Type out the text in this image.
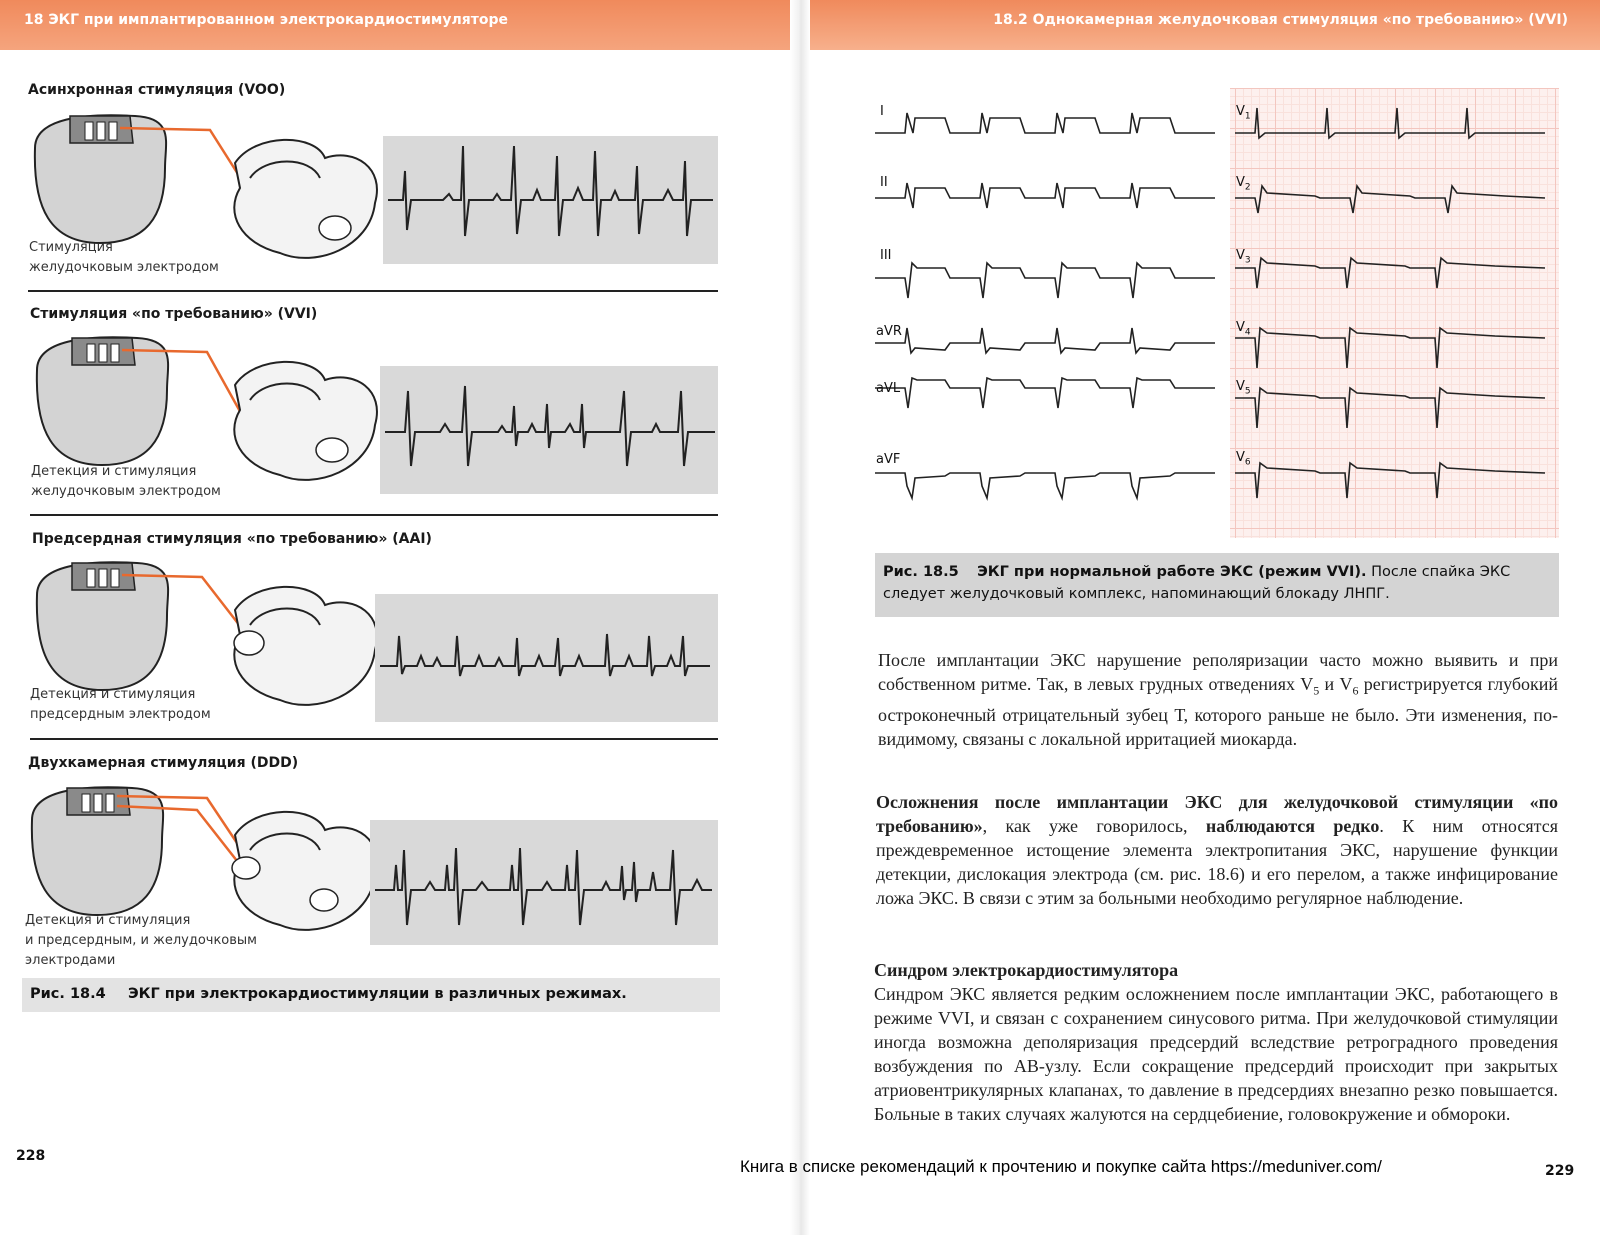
18 ЭКГ при имплантированном электрокардиостимуляторе	18.2 Однокамерная желудочковая стимуляция «по требованию» (VVI)
Асинхронная стимуляция (VOO)
Стимуляция
желудочковым электродом
Стимуляция «по требованию» (VVI)
Детекция и стимуляция
желудочковым электродом
Предсердная стимуляция «по требованию» (AAI)
Детекция и стимуляция
предсердным электродом
Двухкамерная стимуляция (DDD)
Детекция и стимуляция
и предсердным, и желудочковым
электродами
Рис. 18.4 ЭКГ при электрокардиостимуляции в различных режимах.
228
I
II
III
aVR
aVL
aVF
$V_1$
$V_2$
$V_3$
$V_4$
$V_5$
$V_6$
Рис. 18.5 ЭКГ при нормальной работе ЭКС (режим VVI). После спайка ЭКС следует желудочковый комплекс, напоминающий блокаду ЛНПГ.
После имплантации ЭКС нарушение реполяризации часто можно выявить и при собственном ритме. Так, в левых грудных отведениях $V_5$ и $V_6$ регистрируется глубокий остроконечный отрицательный зубец Т, которого раньше не было. Эти изменения, по-видимому, связаны с локальной ирритацией миокарда.
Осложнения после имплантации ЭКС для желудочковой стимуляции «по требованию», как уже говорилось, наблюдаются редко. К ним относятся преждевременное истощение элемента электропитания ЭКС, нарушение функции детекции, дислокация электрода (см. рис. 18.6) и его перелом, а также инфицирование ложа ЭКС. В связи с этим за больными необходимо регулярное наблюдение.
Синдром электрокардиостимулятора
Синдром ЭКС является редким осложнением после имплантации ЭКС, работающего в режиме VVI, и связан с сохранением синусового ритма. При желудочковой стимуляции иногда возможна деполяризация предсердий вследствие ретроградного проведения возбуждения по АВ-узлу. Если сокращение предсердий происходит при закрытых атриовентрикулярных клапанах, то давление в предсердиях внезапно резко повышается. Больные в таких случаях жалуются на сердцебиение, головокружение и обмороки.
229
Книга в списке рекомендаций к прочтению и покупке сайта https://meduniver.com/
